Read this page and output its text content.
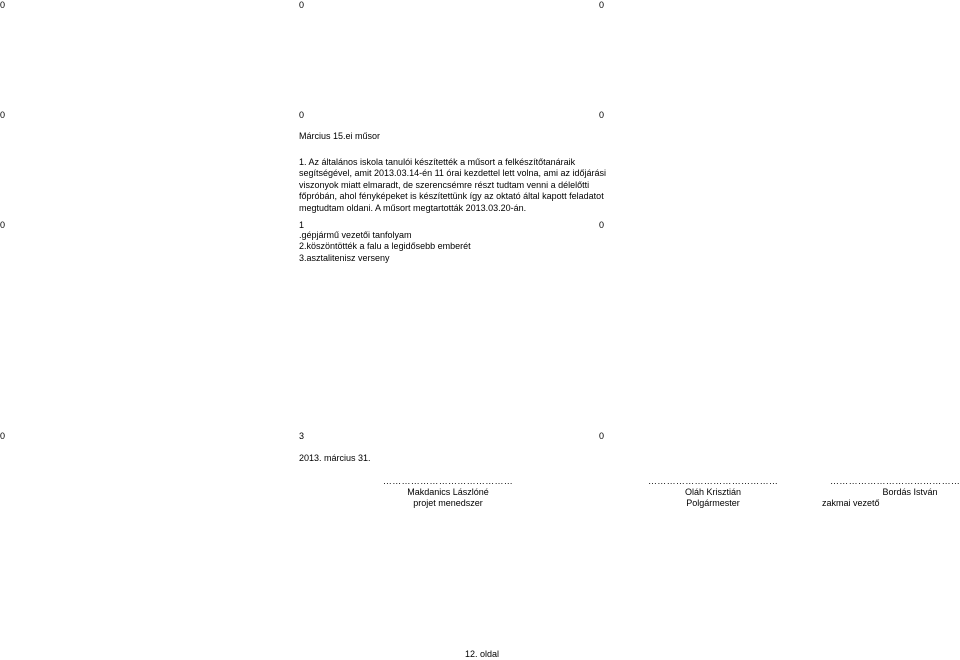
0	0	0
0	0	0
Március 15.ei műsor
1. Az általános iskola tanulói készítették a műsort a felkészítőtanáraik
segítségével, amit 2013.03.14-én 11 órai kezdettel lett volna, ami az időjárási
viszonyok miatt elmaradt, de szerencsémre részt tudtam venni a délelőtti
főpróbán, ahol fényképeket is készítettünk így az oktató által kapott feladatot
megtudtam oldani. A műsort megtartották 2013.03.20-án.
0	1	0
.gépjármű vezetői tanfolyam
2.köszöntötték a falu a legidősebb emberét
3.asztalitenisz verseny
0	3	0
2013. március 31.
……………………………………
Makdanics Lászlóné
projet menedszer
……………………………………
Oláh Krisztián
Polgármester
……………………………………
Bordás István
zakmai vezető
12. oldal
